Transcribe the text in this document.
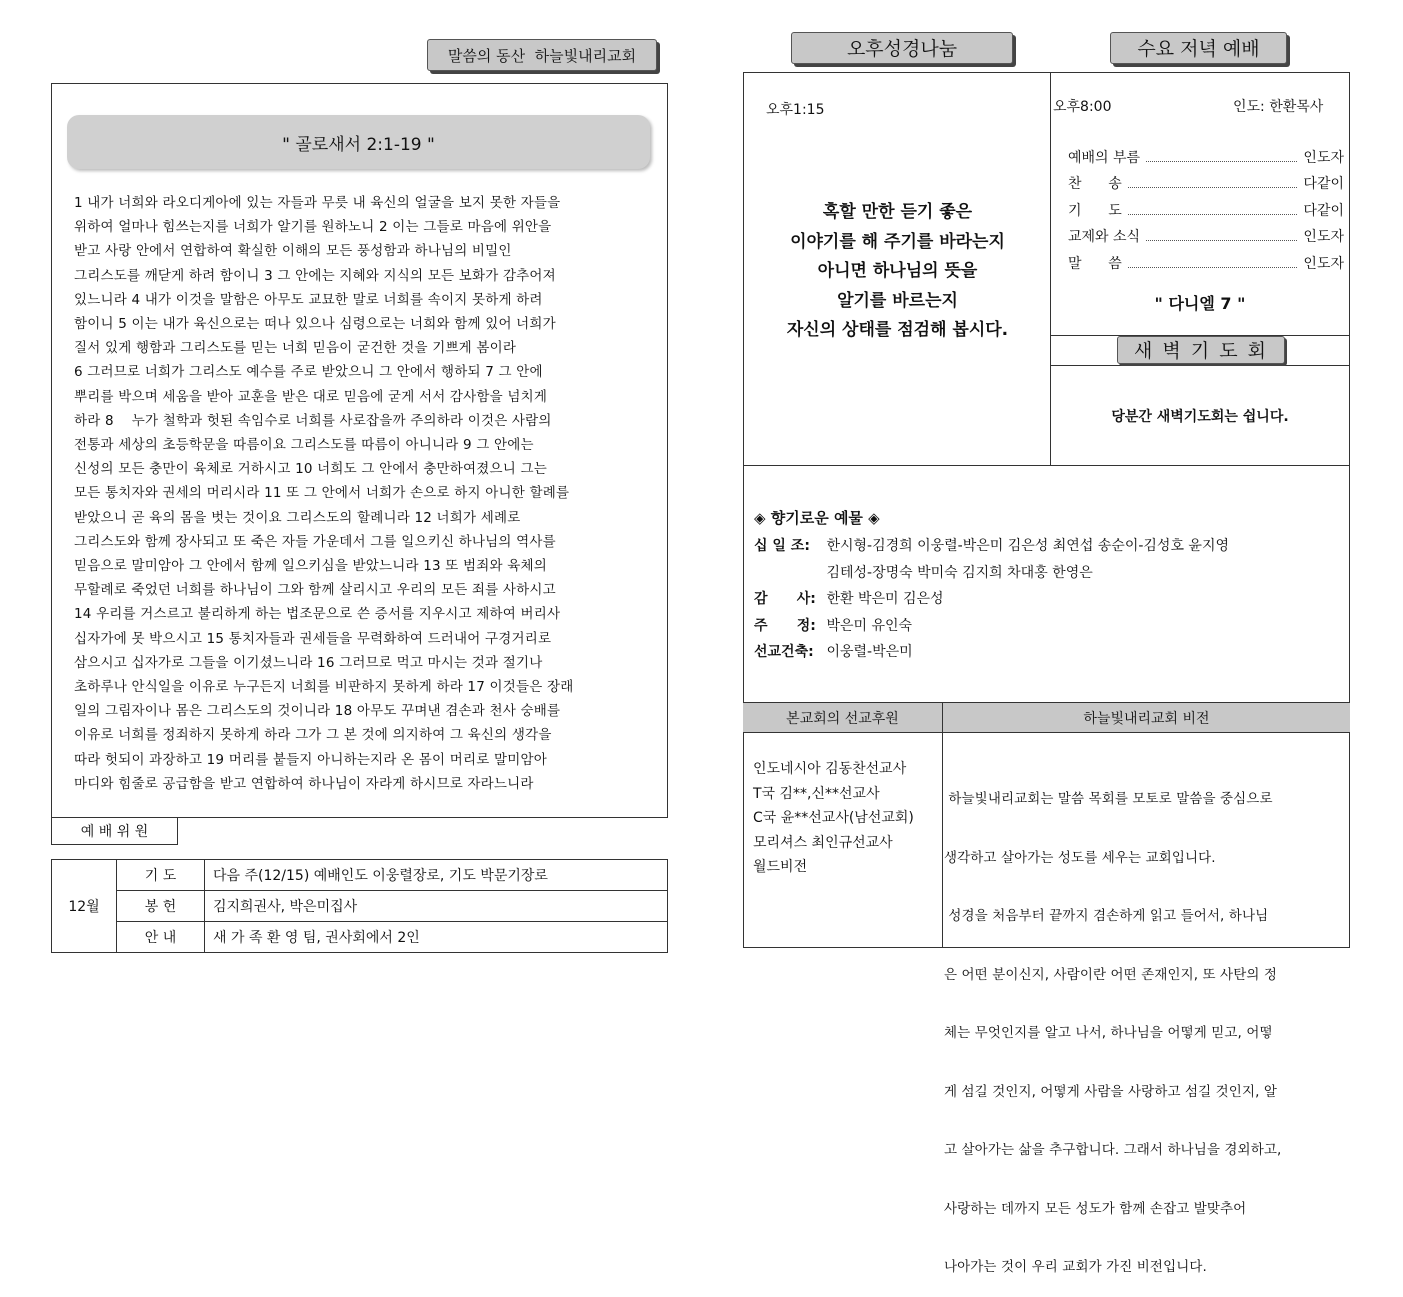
말씀의 동산  하늘빛내리교회
" 골로새서 2:1-19 "

1 내가 너희와 라오디게아에 있는 자들과 무릇 내 육신의 얼굴을 보지 못한 자들을

위하여 얼마나 힘쓰는지를 너희가 알기를 원하노니 2 이는 그들로 마음에 위안을

받고 사랑 안에서 연합하여 확실한 이해의 모든 풍성함과 하나님의 비밀인

그리스도를 깨닫게 하려 함이니 3 그 안에는 지혜와 지식의 모든 보화가 감추어져

있느니라 4 내가 이것을 말함은 아무도 교묘한 말로 너희를 속이지 못하게 하려

함이니 5 이는 내가 육신으로는 떠나 있으나 심령으로는 너희와 함께 있어 너희가

질서 있게 행함과 그리스도를 믿는 너희 믿음이 굳건한 것을 기쁘게 봄이라

6 그러므로 너희가 그리스도 예수를 주로 받았으니 그 안에서 행하되 7 그 안에

뿌리를 박으며 세움을 받아 교훈을 받은 대로 믿음에 굳게 서서 감사함을 넘치게

하라 8    누가 철학과 헛된 속임수로 너희를 사로잡을까 주의하라 이것은 사람의

전통과 세상의 초등학문을 따름이요 그리스도를 따름이 아니니라 9 그 안에는

신성의 모든 충만이 육체로 거하시고 10 너희도 그 안에서 충만하여졌으니 그는

모든 통치자와 권세의 머리시라 11 또 그 안에서 너희가 손으로 하지 아니한 할례를

받았으니 곧 육의 몸을 벗는 것이요 그리스도의 할례니라 12 너희가 세례로

그리스도와 함께 장사되고 또 죽은 자들 가운데서 그를 일으키신 하나님의 역사를

믿음으로 말미암아 그 안에서 함께 일으키심을 받았느니라 13 또 범죄와 육체의

무할례로 죽었던 너희를 하나님이 그와 함께 살리시고 우리의 모든 죄를 사하시고

14 우리를 거스르고 불리하게 하는 법조문으로 쓴 증서를 지우시고 제하여 버리사

십자가에 못 박으시고 15 통치자들과 권세들을 무력화하여 드러내어 구경거리로

삼으시고 십자가로 그들을 이기셨느니라 16 그러므로 먹고 마시는 것과 절기나

초하루나 안식일을 이유로 누구든지 너희를 비판하지 못하게 하라 17 이것들은 장래

일의 그림자이나 몸은 그리스도의 것이니라 18 아무도 꾸며낸 겸손과 천사 숭배를

이유로 너희를 정죄하지 못하게 하라 그가 그 본 것에 의지하여 그 육신의 생각을

따라 헛되이 과장하고 19 머리를 붙들지 아니하는지라 온 몸이 머리로 말미암아

마디와 힘줄로 공급함을 받고 연합하여 하나님이 자라게 하시므로 자라느니라

예 배 위 원
12월	기 도	다음 주(12/15) 예배인도 이웅렬장로, 기도 박문기장로
	봉 헌	김지희권사, 박은미집사
	안 내	새 가 족 환 영 팀, 권사회에서 2인
오후성경나눔	수요 저녁 예배
오후1:15
혹할 만한 듣기 좋은
이야기를 해 주기를 바라는지
아니면 하나님의 뜻을
알기를 바르는지
자신의 상태를 점검해 봅시다.
오후8:00	인도: 한환목사
예배의 부름	인도자
찬      송	다같이
기      도	다같이
교제와 소식	인도자
말      씀	인도자
" 다니엘 7 "
새 벽 기 도 회
당분간 새벽기도회는 쉽니다.
◈ 향기로운 예물 ◈
십 일 조: 한시형-김경희 이웅렬-박은미 김은성 최연섭 송순이-김성호 윤지영
김테성-장명숙 박미숙 김지희 차대홍 한영은
감      사: 한환 박은미 김은성
주      정: 박은미 유인숙
선교건축: 이웅렬-박은미
본교회의 선교후원	하늘빛내리교회 비전
인도네시아 김동찬선교사
T국 김**,신**선교사
C국 윤**선교사(남선교회)
모리셔스 최인규선교사
월드비전

하늘빛내리교회는 말씀 목회를 모토로 말씀을 중심으로

생각하고 살아가는 성도를 세우는 교회입니다.

성경을 처음부터 끝까지 겸손하게 읽고 들어서, 하나님

은 어떤 분이신지, 사람이란 어떤 존재인지, 또 사탄의 정

체는 무엇인지를 알고 나서, 하나님을 어떻게 믿고, 어떻

게 섬길 것인지, 어떻게 사람을 사랑하고 섬길 것인지, 알

고 살아가는 삶을 추구합니다. 그래서 하나님을 경외하고,

사랑하는 데까지 모든 성도가 함께 손잡고 발맞추어

나아가는 것이 우리 교회가 가진 비전입니다.
